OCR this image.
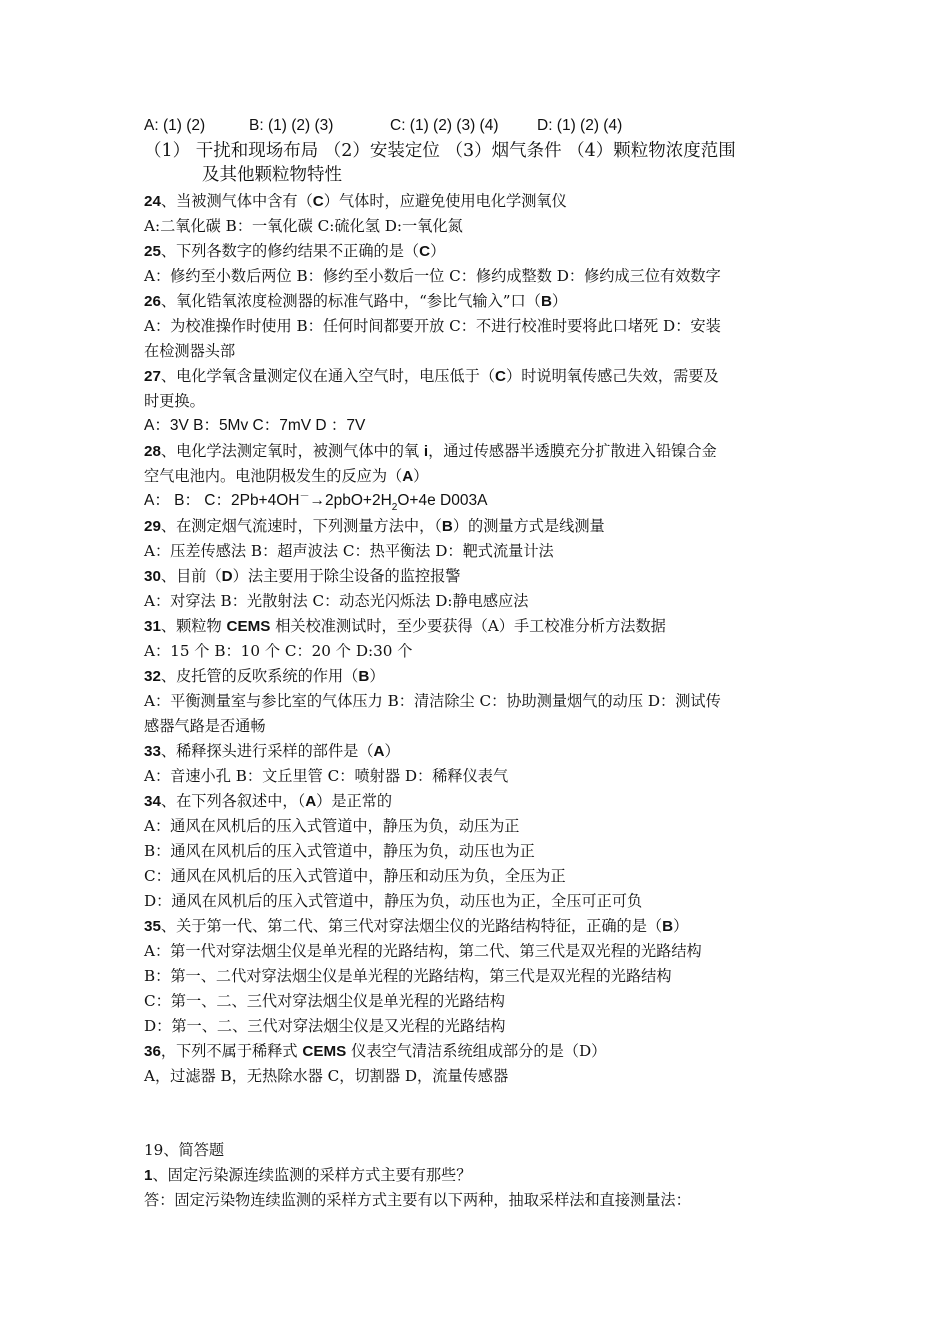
A: (1) (2)	B: (1) (2) (3)	C: (1) (2) (3) (4) D: (1) (2) (4)
（1） 干扰和现场布局 （2）安装定位 （3）烟气条件 （4）颗粒物浓度范围
及其他颗粒物特性
24、当被测气体中含有（C）气体时，应避免使用电化学测氧仪
A:二氧化碳 B：一氧化碳 C:硫化氢 D:一氧化氮
25、下列各数字的修约结果不正确的是（C）
A：修约至小数后两位 B：修约至小数后一位 C：修约成整数 D：修约成三位有效数字
26、氧化锆氧浓度检测器的标准气路中，“参比气输入”口（B）
A：为校准操作时使用 B：任何时间都要开放 C：不进行校准时要将此口堵死 D：安装
在检测器头部
27、电化学氧含量测定仪在通入空气时，电压低于（C）时说明氧传感己失效，需要及
时更换。
A：3V B：5Mv C：7mV D ：7V
28、电化学法测定氧时，被测气体中的氧 i，通过传感器半透膜充分扩散进入铅镍合金
空气电池内。电池阴极发生的反应为（A）
A： B： C：$2Pb+4OH^-\to 2pbO+2H_2O+4e$ D003A
29、在测定烟气流速时，下列测量方法中，（B）的测量方式是线测量
A：压差传感法 B：超声波法 C：热平衡法 D：靶式流量计法
30、目前（D）法主要用于除尘设备的监控报警
A：对穿法 B：光散射法 C：动态光闪烁法 D:静电感应法
31、颗粒物 CEMS 相关校准测试时，至少要获得（A）手工校准分析方法数据
A：15 个 B：10 个 C：20 个 D:30 个
32、皮托管的反吹系统的作用（B）
A：平衡测量室与参比室的气体压力 B：清洁除尘 C：协助测量烟气的动压 D：测试传
感器气路是否通畅
33、稀释探头进行采样的部件是（A）
A：音速小孔 B：文丘里管 C：喷射器 D：稀释仪表气
34、在下列各叙述中，（A）是正常的
A：通风在风机后的压入式管道中，静压为负，动压为正
B：通风在风机后的压入式管道中，静压为负，动压也为正
C：通风在风机后的压入式管道中，静压和动压为负，全压为正
D：通风在风机后的压入式管道中，静压为负，动压也为正，全压可正可负
35、关于第一代、第二代、第三代对穿法烟尘仪的光路结构特征，正确的是（B）
A：第一代对穿法烟尘仪是单光程的光路结构，第二代、第三代是双光程的光路结构
B：第一、二代对穿法烟尘仪是单光程的光路结构，第三代是双光程的光路结构
C：第一、二、三代对穿法烟尘仪是单光程的光路结构
D：第一、二、三代对穿法烟尘仪是又光程的光路结构
36，下列不属于稀释式 CEMS 仪表空气清洁系统组成部分的是（D）
A，过滤器 B，无热除水器 C，切割器 D，流量传感器
19、简答题
1、固定污染源连续监测的采样方式主要有那些？
答：固定污染物连续监测的采样方式主要有以下两种，抽取采样法和直接测量法：
